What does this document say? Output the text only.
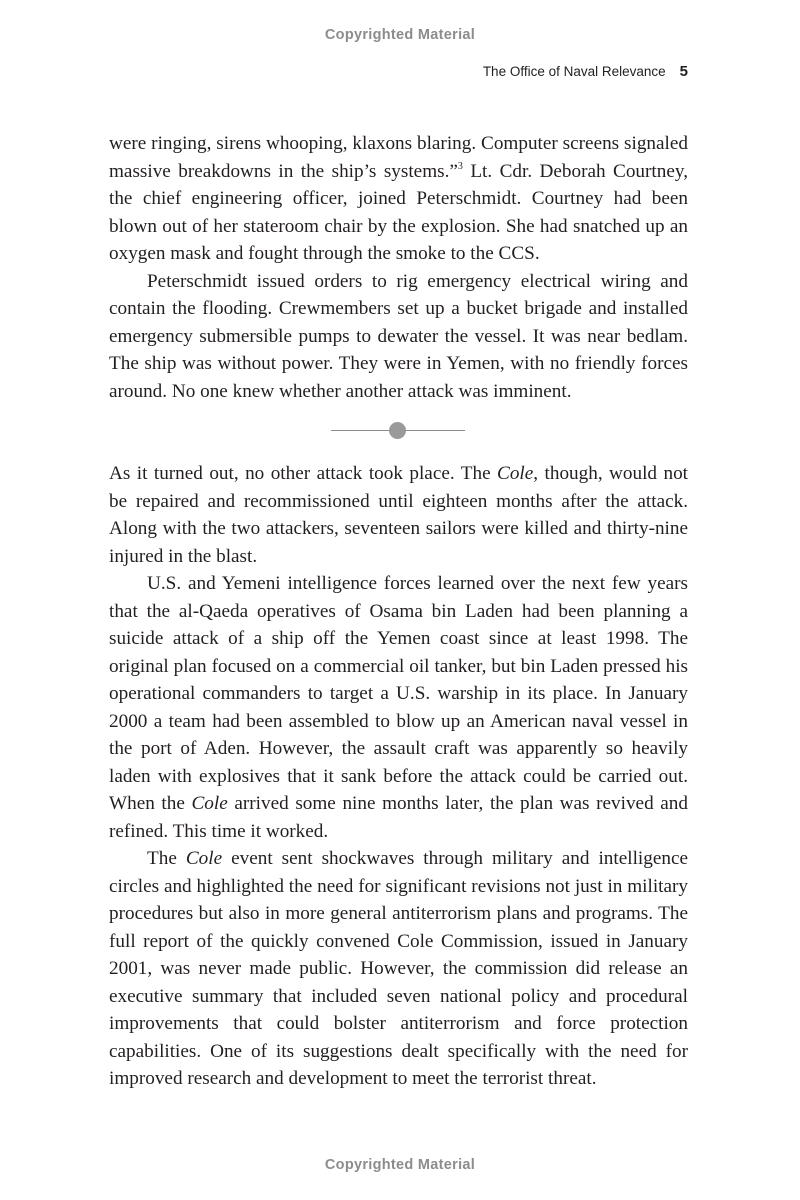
Copyrighted Material
The Office of Naval Relevance 5

were ringing, sirens whooping, klaxons blaring. Computer screens signaled massive breakdowns in the ship’s systems.”$^3$ Lt. Cdr. Deborah Courtney, the chief engineering officer, joined Peterschmidt. Courtney had been blown out of her stateroom chair by the explosion. She had snatched up an oxygen mask and fought through the smoke to the CCS.

Peterschmidt issued orders to rig emergency electrical wiring and contain the flooding. Crewmembers set up a bucket brigade and installed emergency submersible pumps to dewater the vessel. It was near bedlam. The ship was without power. They were in Yemen, with no friendly forces around. No one knew whether another attack was imminent.

As it turned out, no other attack took place. The Cole, though, would not be repaired and recommissioned until eighteen months after the attack. Along with the two attackers, seventeen sailors were killed and thirty-nine injured in the blast.

U.S. and Yemeni intelligence forces learned over the next few years that the al-Qaeda operatives of Osama bin Laden had been planning a suicide attack of a ship off the Yemen coast since at least 1998. The original plan focused on a commercial oil tanker, but bin Laden pressed his operational commanders to target a U.S. warship in its place. In January 2000 a team had been assembled to blow up an American naval vessel in the port of Aden. However, the assault craft was apparently so heavily laden with explosives that it sank before the attack could be carried out. When the Cole arrived some nine months later, the plan was revived and refined. This time it worked.

The Cole event sent shockwaves through military and intelligence circles and highlighted the need for significant revisions not just in military procedures but also in more general antiterrorism plans and programs. The full report of the quickly convened Cole Commission, issued in January 2001, was never made public. However, the commission did release an executive summary that included seven national policy and procedural improvements that could bolster antiterrorism and force protection capabilities. One of its suggestions dealt specifically with the need for improved research and development to meet the terrorist threat.

Copyrighted Material
